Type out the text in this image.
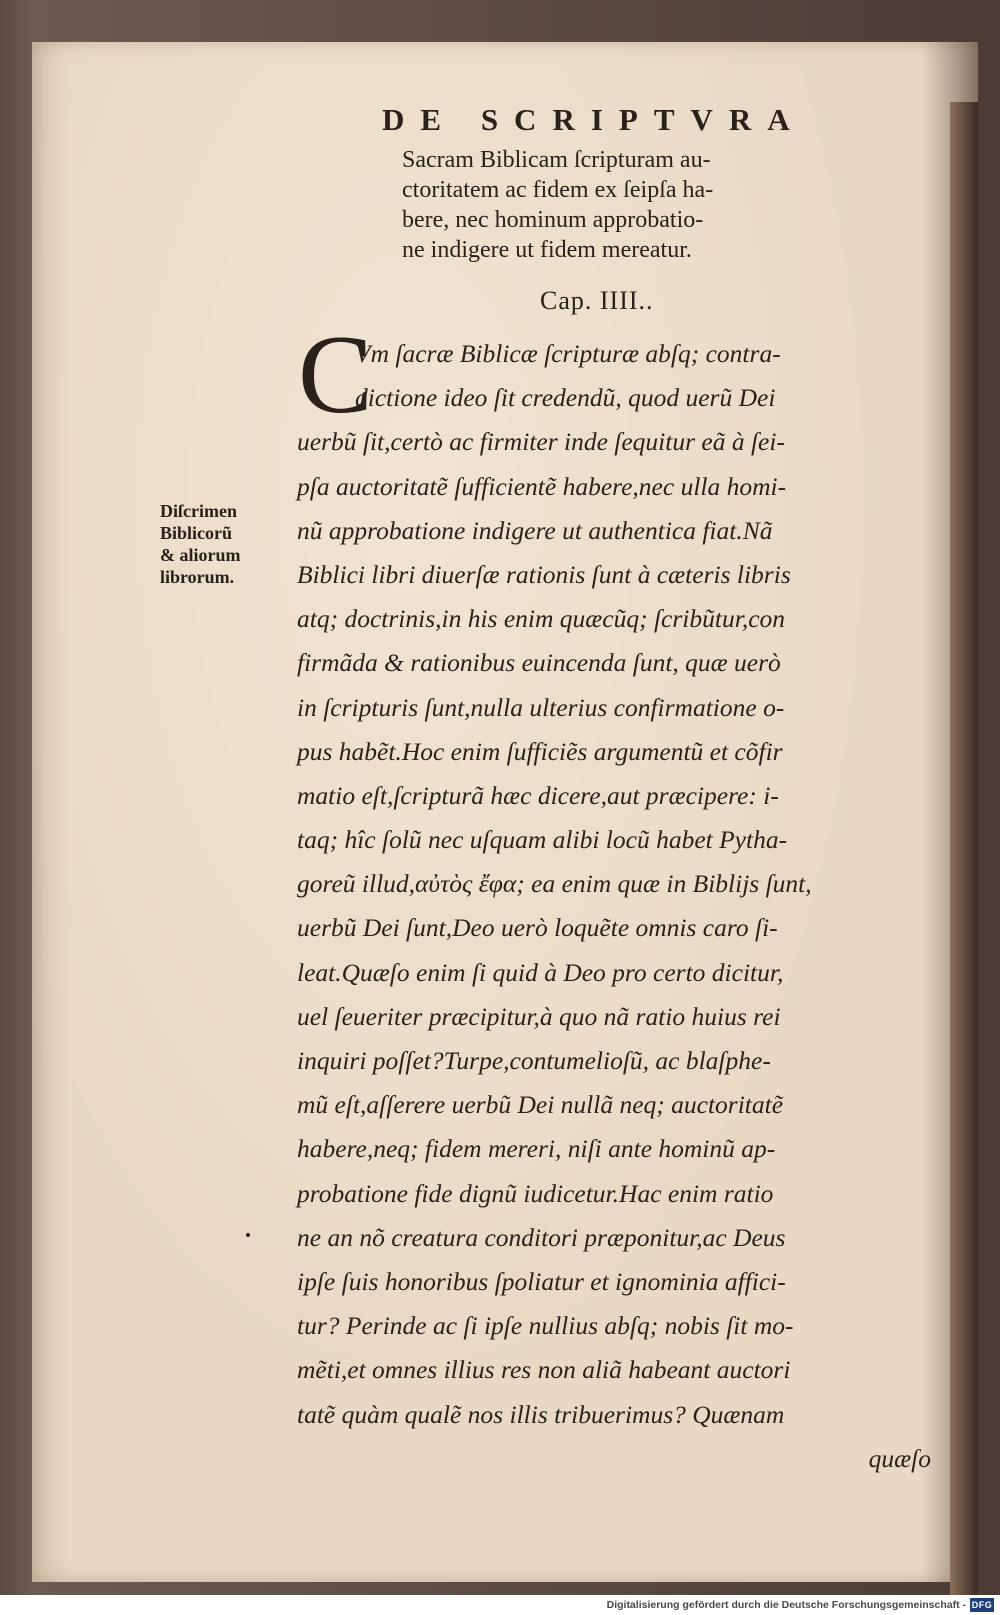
DE SCRIPTVRA
Sacram Biblicam ſcripturam au-
ctoritatem ac fidem ex ſeipſa ha-
bere, nec hominum approbatio-
ne indigere ut fidem mereatur.
Cap. IIII..
C
Diſcrimen
Biblicorũ
& aliorum
librorum.
Vm ſacræ Biblicæ ſcripturæ abſq; contra-
dictione ideo ſit credendũ, quod uerũ Dei
uerbũ ſit,certò ac firmiter inde ſequitur eã à ſei-
pſa auctoritatẽ ſufficientẽ habere,nec ulla homi-
nũ approbatione indigere ut authentica fiat.Nã
Biblici libri diuerſæ rationis ſunt à cæteris libris
atq; doctrinis,in his enim quæcũq; ſcribũtur,con
firmãda & rationibus euincenda ſunt, quæ uerò
in ſcripturis ſunt,nulla ulterius confirmatione o-
pus habẽt.Hoc enim ſufficiẽs argumentũ et cõfir
matio eſt,ſcripturã hæc dicere,aut præcipere: i-
taq; hîc ſolũ nec uſquam alibi locũ habet Pytha-
goreũ illud,αὐτὸς ἔφα; ea enim quæ in Biblijs ſunt,
uerbũ Dei ſunt,Deo uerò loquẽte omnis caro ſi-
leat.Quæſo enim ſi quid à Deo pro certo dicitur,
uel ſeueriter præcipitur,à quo nã ratio huius rei
inquiri poſſet?Turpe,contumelioſũ, ac blaſphe-
mũ eſt,aſſerere uerbũ Dei nullã neq; auctoritatẽ
habere,neq; fidem mereri, niſi ante hominũ ap-
probatione fide dignũ iudicetur.Hac enim ratio
ne an nõ creatura conditori præponitur,ac Deus
ipſe ſuis honoribus ſpoliatur et ignominia affici-
tur? Perinde ac ſi ipſe nullius abſq; nobis ſit mo-
mẽti,et omnes illius res non aliã habeant auctori
tatẽ quàm qualẽ nos illis tribuerimus? Quænam
quæſo
Digitalisierung gefördert durch die Deutsche Forschungsgemeinschaft - DFG
